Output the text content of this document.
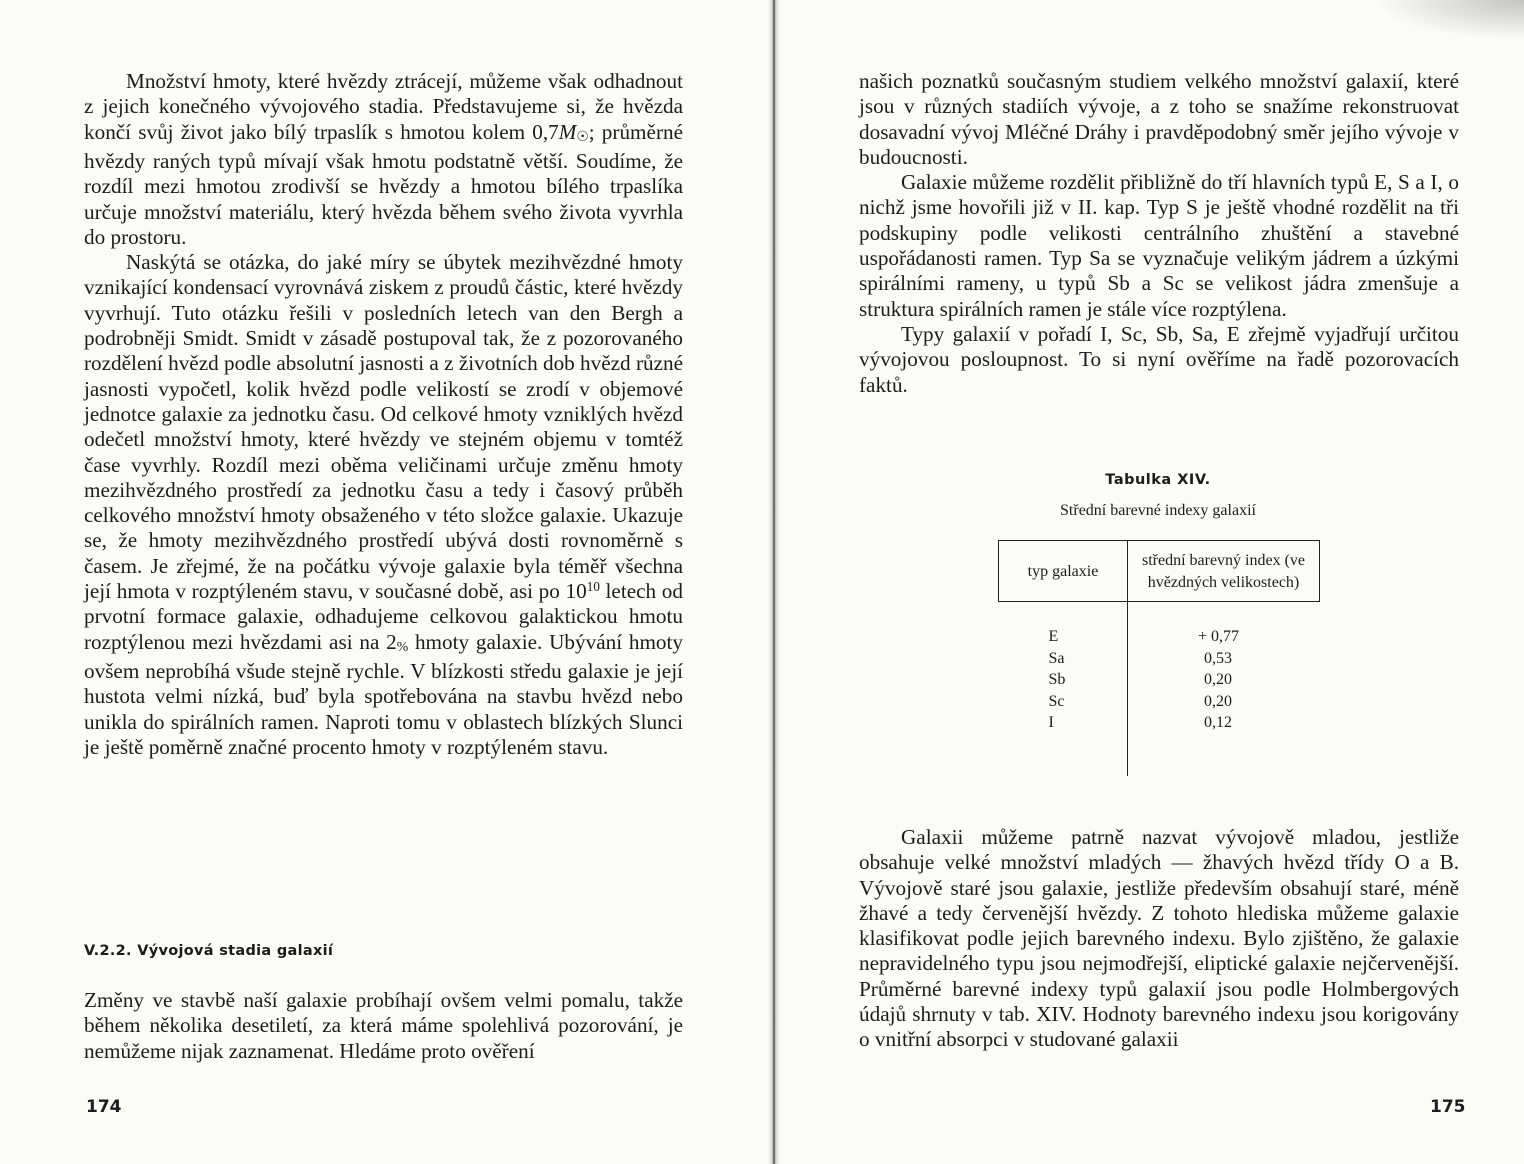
Množství hmoty, které hvězdy ztrácejí, můžeme však odhadnout z jejich konečného vývojového stadia. Představujeme si, že hvězda končí svůj život jako bílý trpaslík s hmotou kolem 0,7M☉; průměrné hvězdy raných typů mívají však hmotu podstatně větší. Soudíme, že rozdíl mezi hmotou zrodivší se hvězdy a hmotou bílého trpaslíka určuje množství materiálu, který hvězda během svého života vyvrhla do prostoru.

Naskýtá se otázka, do jaké míry se úbytek mezihvězdné hmoty vznikající kondensací vyrovnává ziskem z proudů částic, které hvězdy vyvrhují. Tuto otázku řešili v posledních letech van den Bergh a podrobněji Smidt. Smidt v zásadě postupoval tak, že z pozorovaného rozdělení hvězd podle absolutní jasnosti a z životních dob hvězd různé jasnosti vypočetl, kolik hvězd podle velikostí se zrodí v objemové jednotce galaxie za jednotku času. Od celkové hmoty vzniklých hvězd odečetl množství hmoty, které hvězdy ve stejném objemu v tomtéž čase vyvrhly. Rozdíl mezi oběma veličinami určuje změnu hmoty mezihvězdného prostředí za jednotku času a tedy i časový průběh celkového množství hmoty obsaženého v této složce galaxie. Ukazuje se, že hmoty mezihvězdného prostředí ubývá dosti rovnoměrně s časem. Je zřejmé, že na počátku vývoje galaxie byla téměř všechna její hmota v rozptýleném stavu, v současné době, asi po $10^{10}$ letech od prvotní formace galaxie, odhadujeme celkovou galaktickou hmotu rozptýlenou mezi hvězdami asi na 2% hmoty galaxie. Ubývání hmoty ovšem neprobíhá všude stejně rychle. V blízkosti středu galaxie je její hustota velmi nízká, buď byla spotřebována na stavbu hvězd nebo unikla do spirálních ramen. Naproti tomu v oblastech blízkých Slunci je ještě poměrně značné procento hmoty v rozptýleném stavu.

V.2.2. Vývojová stadia galaxií

Změny ve stavbě naší galaxie probíhají ovšem velmi pomalu, takže během několika desetiletí, za která máme spolehlivá pozorování, je nemůžeme nijak zaznamenat. Hledáme proto ověření

174

našich poznatků současným studiem velkého množství galaxií, které jsou v různých stadiích vývoje, a z toho se snažíme rekonstruovat dosavadní vývoj Mléčné Dráhy i pravděpodobný směr jejího vývoje v budoucnosti.

Galaxie můžeme rozdělit přibližně do tří hlavních typů E, S a I, o nichž jsme hovořili již v II. kap. Typ S je ještě vhodné rozdělit na tři podskupiny podle velikosti centrálního zhuštění a stavebné uspořádanosti ramen. Typ Sa se vyznačuje velikým jádrem a úzkými spirálními rameny, u typů Sb a Sc se velikost jádra zmenšuje a struktura spirálních ramen je stále více rozptýlena.

Typy galaxií v pořadí I, Sc, Sb, Sa, E zřejmě vyjadřují určitou vývojovou posloupnost. To si nyní ověříme na řadě pozorovacích faktů.

Tabulka XIV.
Střední barevné indexy galaxií
typ galaxie	střední barevný index (ve hvězdných velikostech)
E	+ 0,77
Sa	0,53
Sb	0,20
Sc	0,20
I	0,12

Galaxii můžeme patrně nazvat vývojově mladou, jestliže obsahuje velké množství mladých — žhavých hvězd třídy O a B. Vývojově staré jsou galaxie, jestliže především obsahují staré, méně žhavé a tedy červenější hvězdy. Z tohoto hlediska můžeme galaxie klasifikovat podle jejich barevného indexu. Bylo zjištěno, že galaxie nepravidelného typu jsou nejmodřejší, eliptické galaxie nejčervenější. Průměrné barevné indexy typů galaxií jsou podle Holmbergových údajů shrnuty v tab. XIV. Hodnoty barevného indexu jsou korigovány o vnitřní absorpci v studované galaxii

175
